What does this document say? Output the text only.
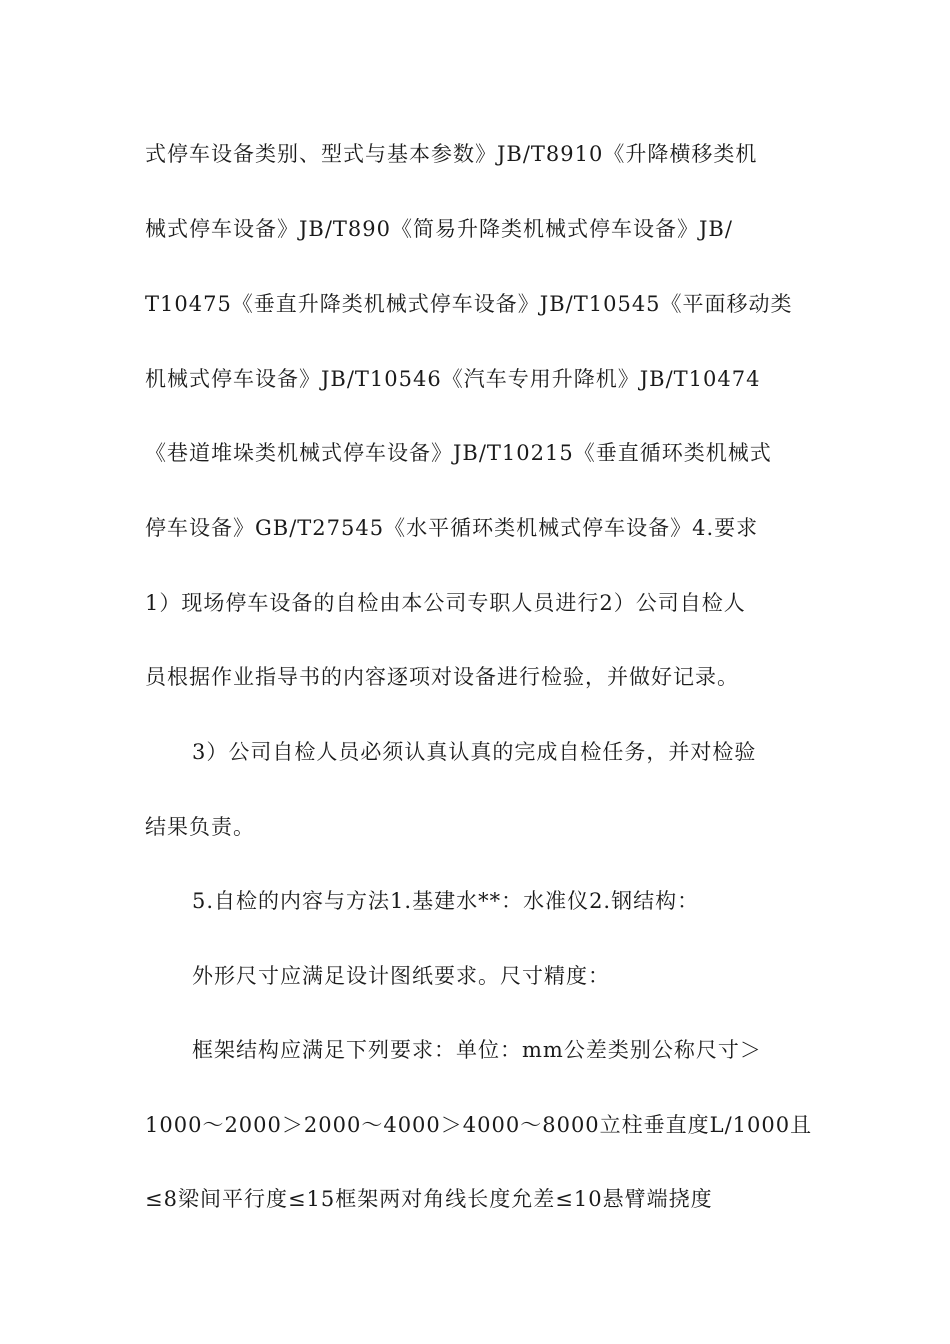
式停车设备类别、型式与基本参数》JB/T8910《升降横移类机
械式停车设备》JB/T890《简易升降类机械式停车设备》JB/
T10475《垂直升降类机械式停车设备》JB/T10545《平面移动类
机械式停车设备》JB/T10546《汽车专用升降机》JB/T10474
《巷道堆垛类机械式停车设备》JB/T10215《垂直循环类机械式
停车设备》GB/T27545《水平循环类机械式停车设备》4.要求
1）现场停车设备的自检由本公司专职人员进行2）公司自检人
员根据作业指导书的内容逐项对设备进行检验，并做好记录。
3）公司自检人员必须认真认真的完成自检任务，并对检验
结果负责。
5.自检的内容与方法1.基建水**：水准仪2.钢结构：
外形尺寸应满足设计图纸要求。尺寸精度：
框架结构应满足下列要求：单位：mm公差类别公称尺寸＞
1000～2000＞2000～4000＞4000～8000立柱垂直度L/1000且
≤8梁间平行度≤15框架两对角线长度允差≤10悬臂端挠度
